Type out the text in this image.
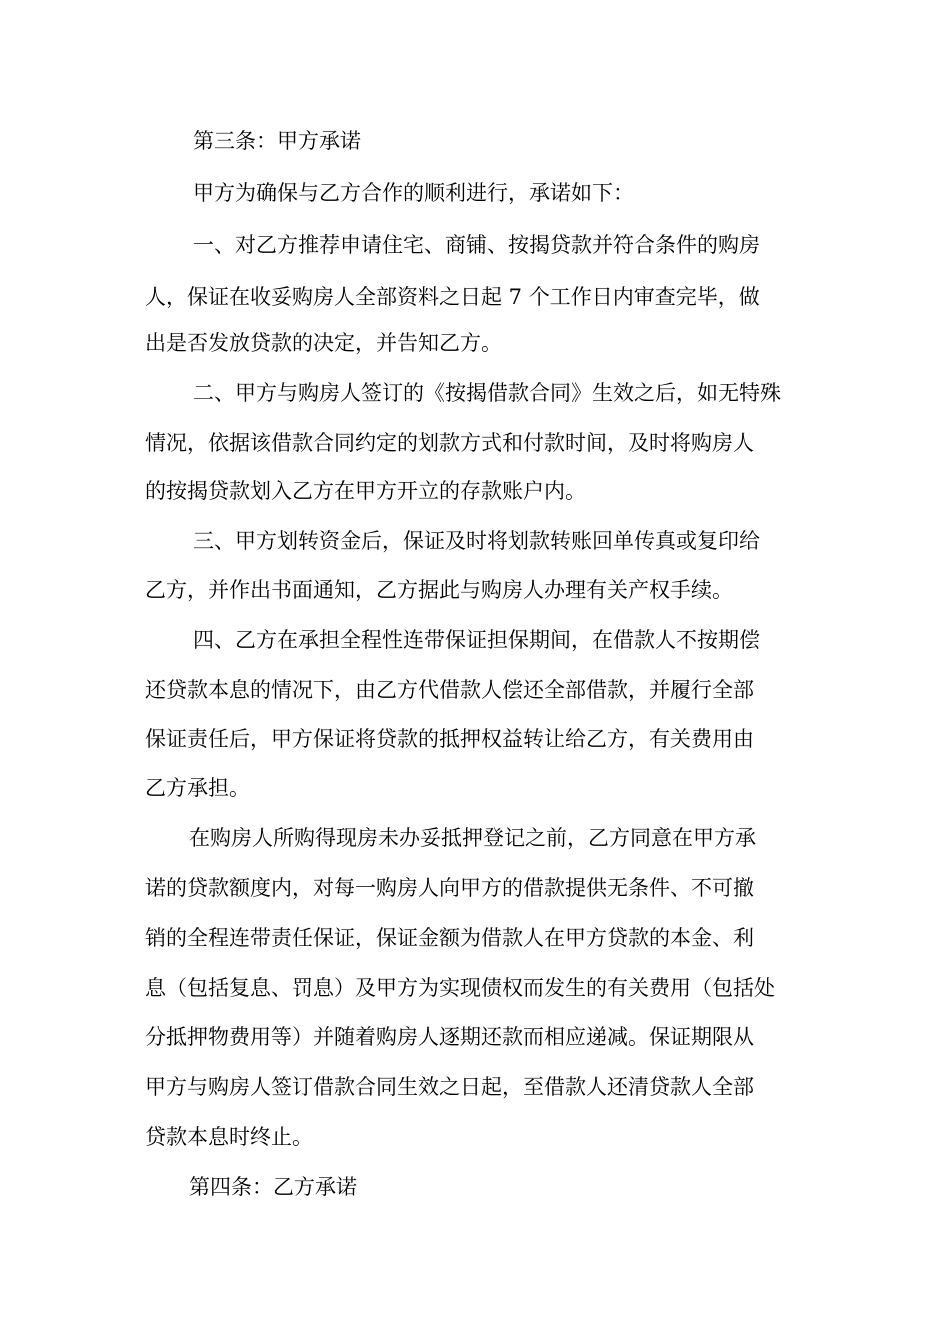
第三条：甲方承诺
甲方为确保与乙方合作的顺利进行，承诺如下：
一、对乙方推荐申请住宅、商铺、按揭贷款并符合条件的购房
人，保证在收妥购房人全部资料之日起 7 个工作日内审查完毕，做
出是否发放贷款的决定，并告知乙方。
二、甲方与购房人签订的《按揭借款合同》生效之后，如无特殊
情况，依据该借款合同约定的划款方式和付款时间，及时将购房人
的按揭贷款划入乙方在甲方开立的存款账户内。
三、甲方划转资金后，保证及时将划款转账回单传真或复印给
乙方，并作出书面通知，乙方据此与购房人办理有关产权手续。
四、乙方在承担全程性连带保证担保期间，在借款人不按期偿
还贷款本息的情况下，由乙方代借款人偿还全部借款，并履行全部
保证责任后，甲方保证将贷款的抵押权益转让给乙方，有关费用由
乙方承担。
在购房人所购得现房未办妥抵押登记之前，乙方同意在甲方承
诺的贷款额度内，对每一购房人向甲方的借款提供无条件、不可撤
销的全程连带责任保证，保证金额为借款人在甲方贷款的本金、利
息（包括复息、罚息）及甲方为实现债权而发生的有关费用（包括处
分抵押物费用等）并随着购房人逐期还款而相应递减。保证期限从
甲方与购房人签订借款合同生效之日起，至借款人还清贷款人全部
贷款本息时终止。
第四条：乙方承诺
